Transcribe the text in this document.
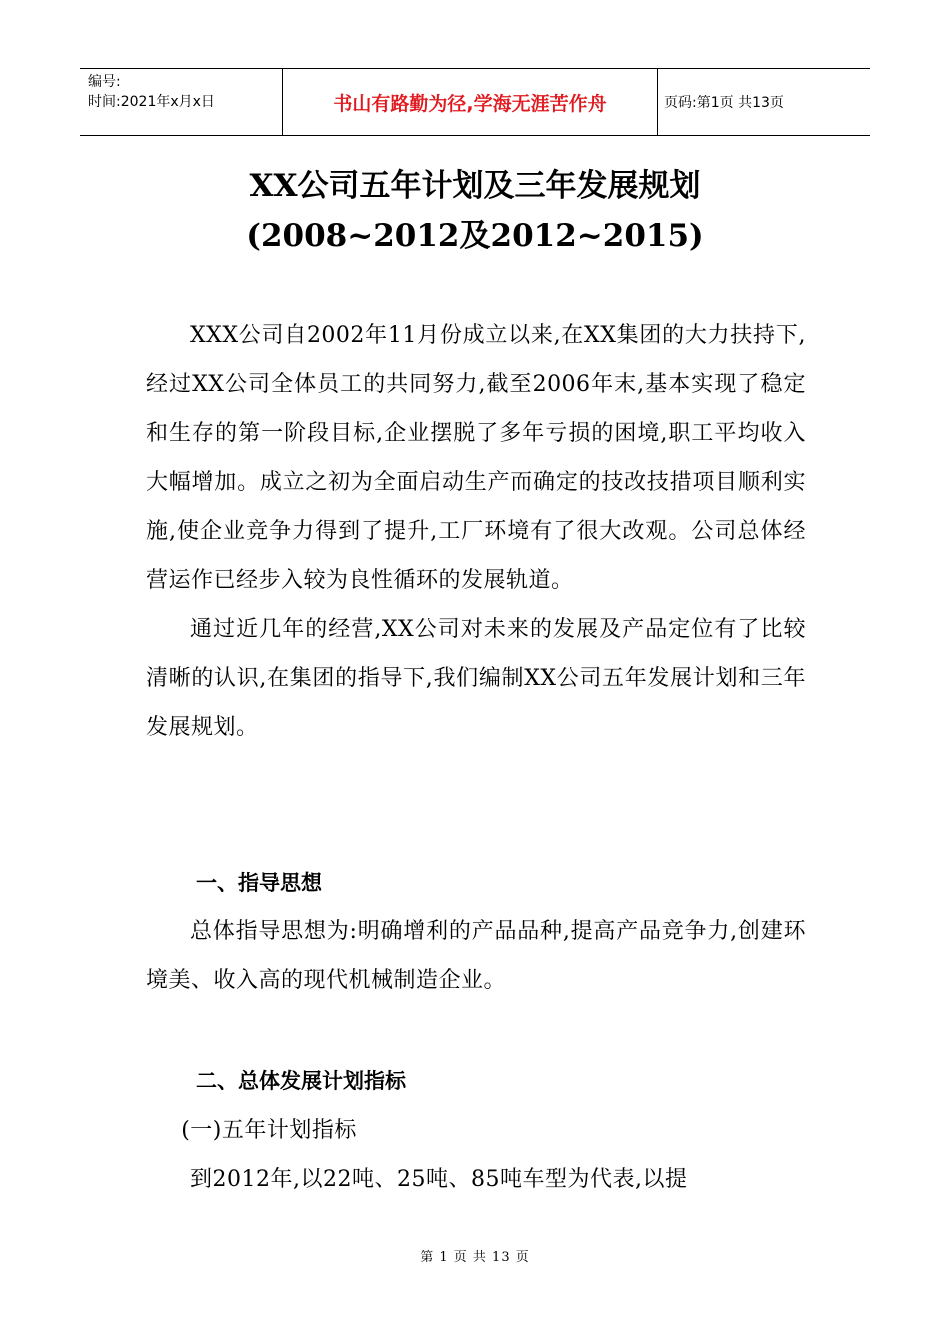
编号:
时间:2021年x月x日	书山有路勤为径,学海无涯苦作舟	页码:第1页 共13页
XX公司五年计划及三年发展规划
(2008~2012及2012~2015)

XXX公司自2002年11月份成立以来,在XX集团的大力扶持下,经过XX公司全体员工的共同努力,截至2006年末,基本实现了稳定和生存的第一阶段目标,企业摆脱了多年亏损的困境,职工平均收入大幅增加。成立之初为全面启动生产而确定的技改技措项目顺利实施,使企业竞争力得到了提升,工厂环境有了很大改观。公司总体经营运作已经步入较为良性循环的发展轨道。

通过近几年的经营,XX公司对未来的发展及产品定位有了比较清晰的认识,在集团的指导下,我们编制XX公司五年发展计划和三年发展规划。

一、指导思想

总体指导思想为:明确增利的产品品种,提高产品竞争力,创建环境美、收入高的现代机械制造企业。

二、总体发展计划指标

(一)五年计划指标

到2012年,以22吨、25吨、85吨车型为代表,以提

第 1 页 共 13 页
